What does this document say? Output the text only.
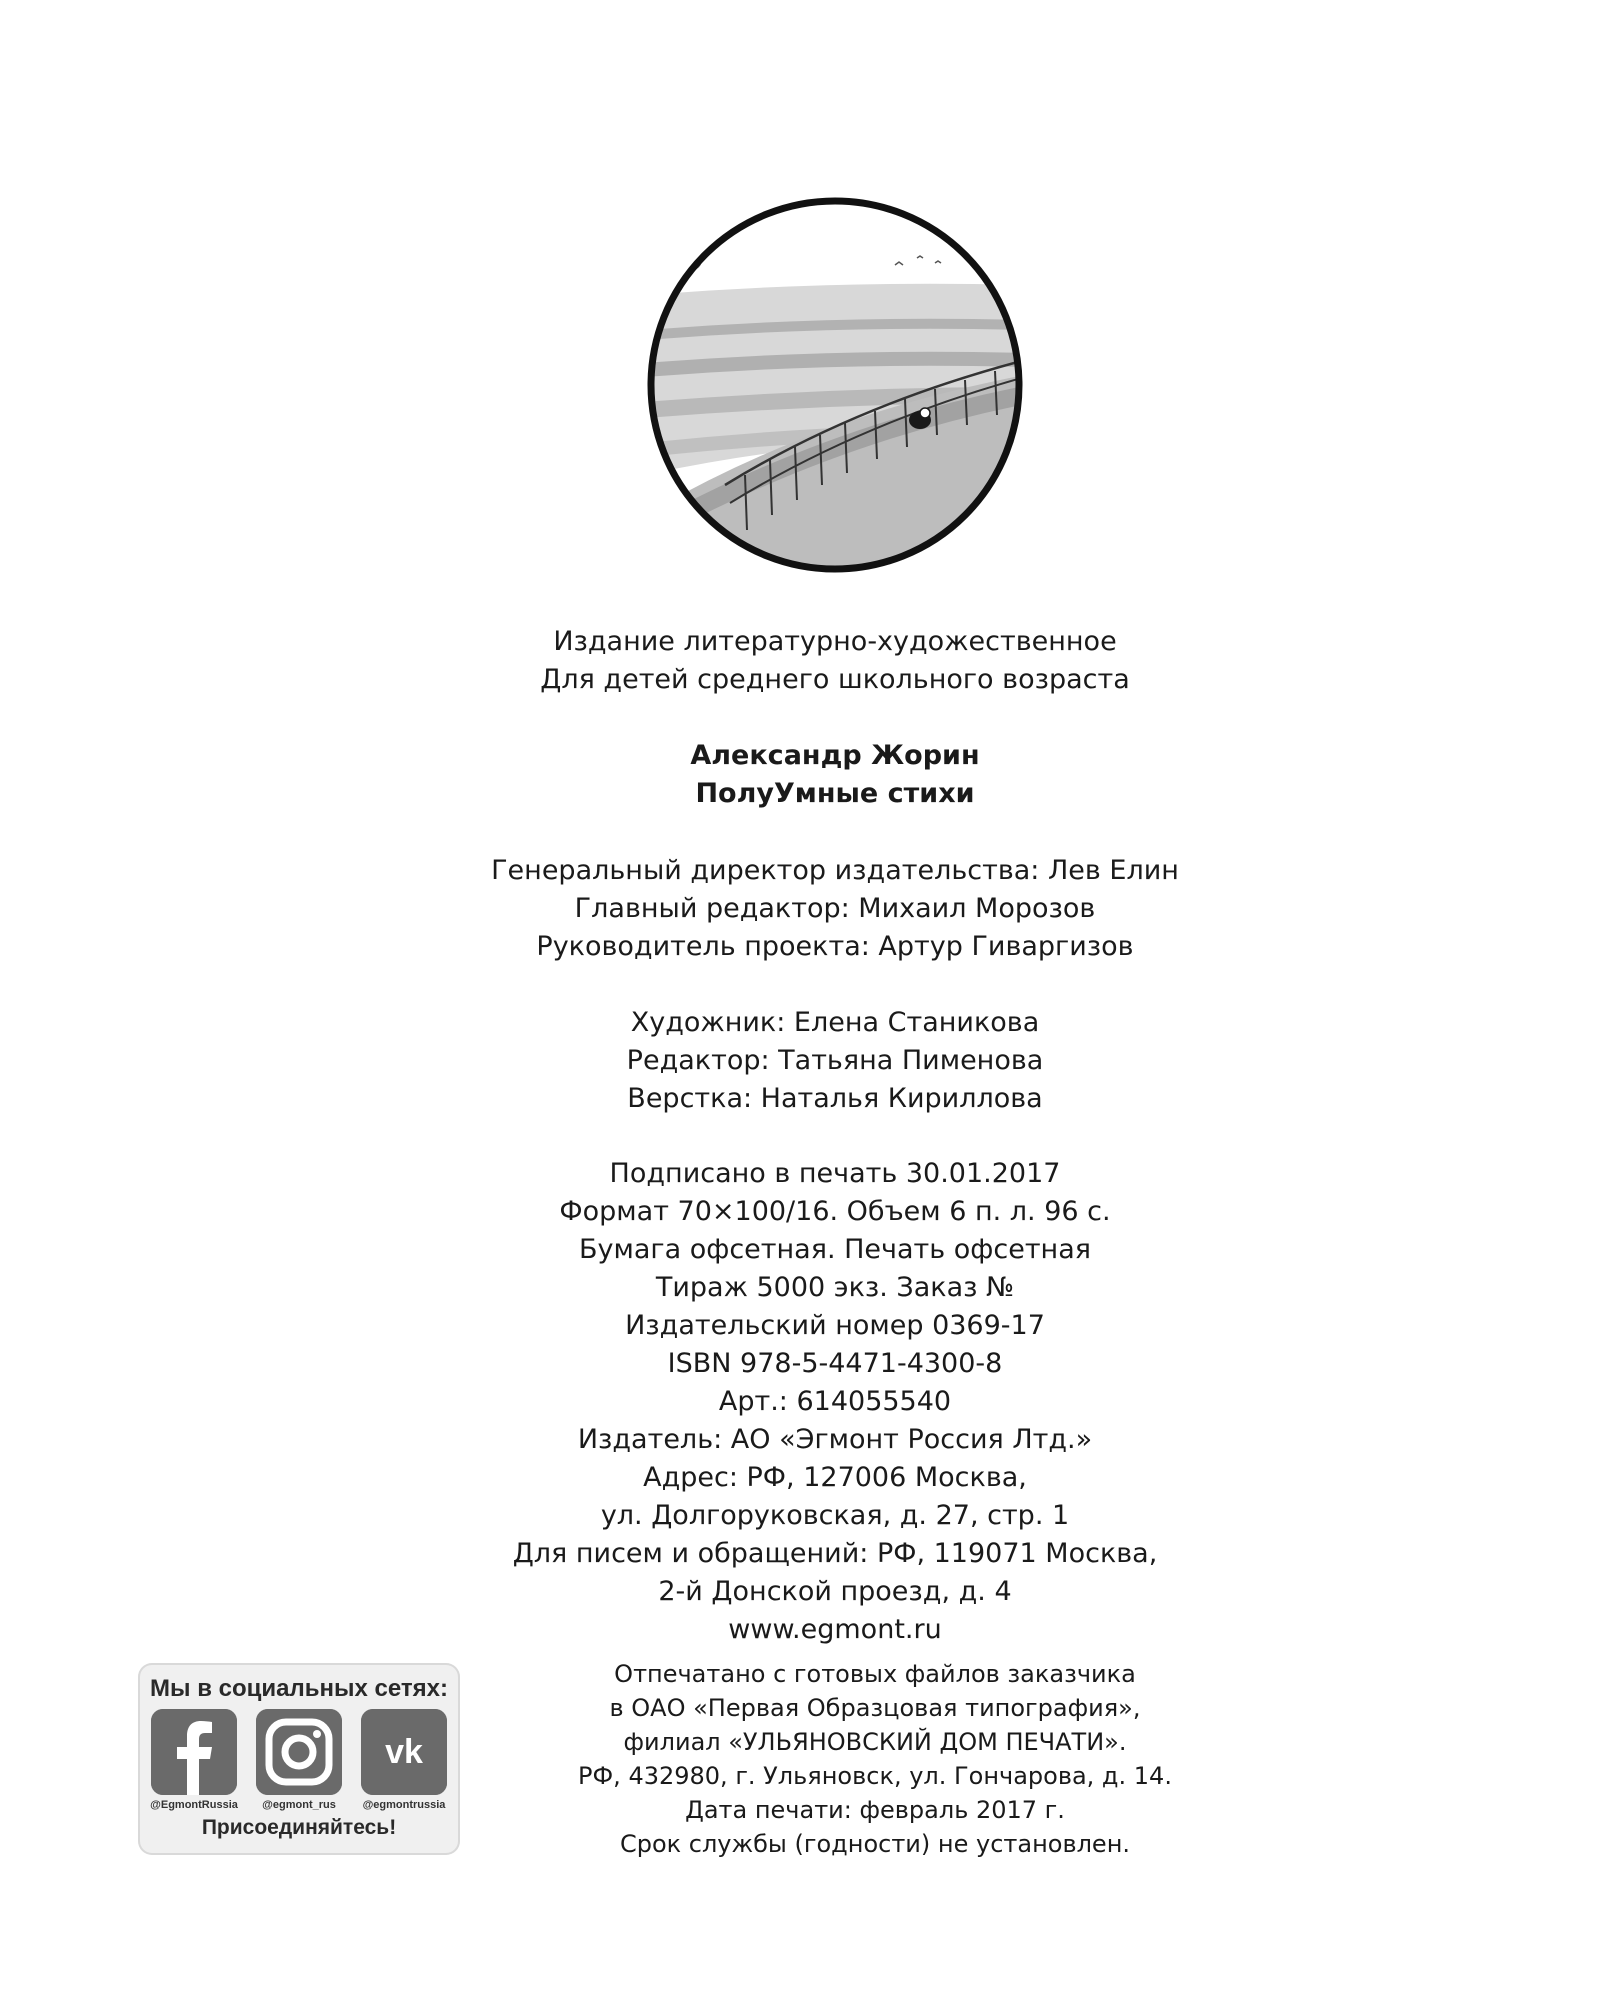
Издание литературно-художественное
Для детей среднего школьного возраста
Александр Жорин
ПолуУмные стихи
Генеральный директор издательства: Лев Елин
Главный редактор: Михаил Морозов
Руководитель проекта: Артур Гиваргизов
Художник: Елена Станикова
Редактор: Татьяна Пименова
Верстка: Наталья Кириллова
Подписано в печать 30.01.2017
Формат 70×100/16. Объем 6 п. л. 96 с.
Бумага офсетная. Печать офсетная
Тираж 5000 экз. Заказ №
Издательский номер 0369-17
ISBN 978-5-4471-4300-8
Арт.: 614055540
Издатель: АО «Эгмонт Россия Лтд.»
Адрес: РФ, 127006 Москва,
ул. Долгоруковская, д. 27, стр. 1
Для писем и обращений: РФ, 119071 Москва,
2-й Донской проезд, д. 4
www.egmont.ru
Отпечатано с готовых файлов заказчика
в ОАО «Первая Образцовая типография»,
филиал «УЛЬЯНОВСКИЙ ДОМ ПЕЧАТИ».
РФ, 432980, г. Ульяновск, ул. Гончарова, д. 14.
Дата печати: февраль 2017 г.
Срок службы (годности) не установлен.
Мы в социальных сетях:
@EgmontRussia	@egmont_rus
vk
@egmontrussia
Присоединяйтесь!
